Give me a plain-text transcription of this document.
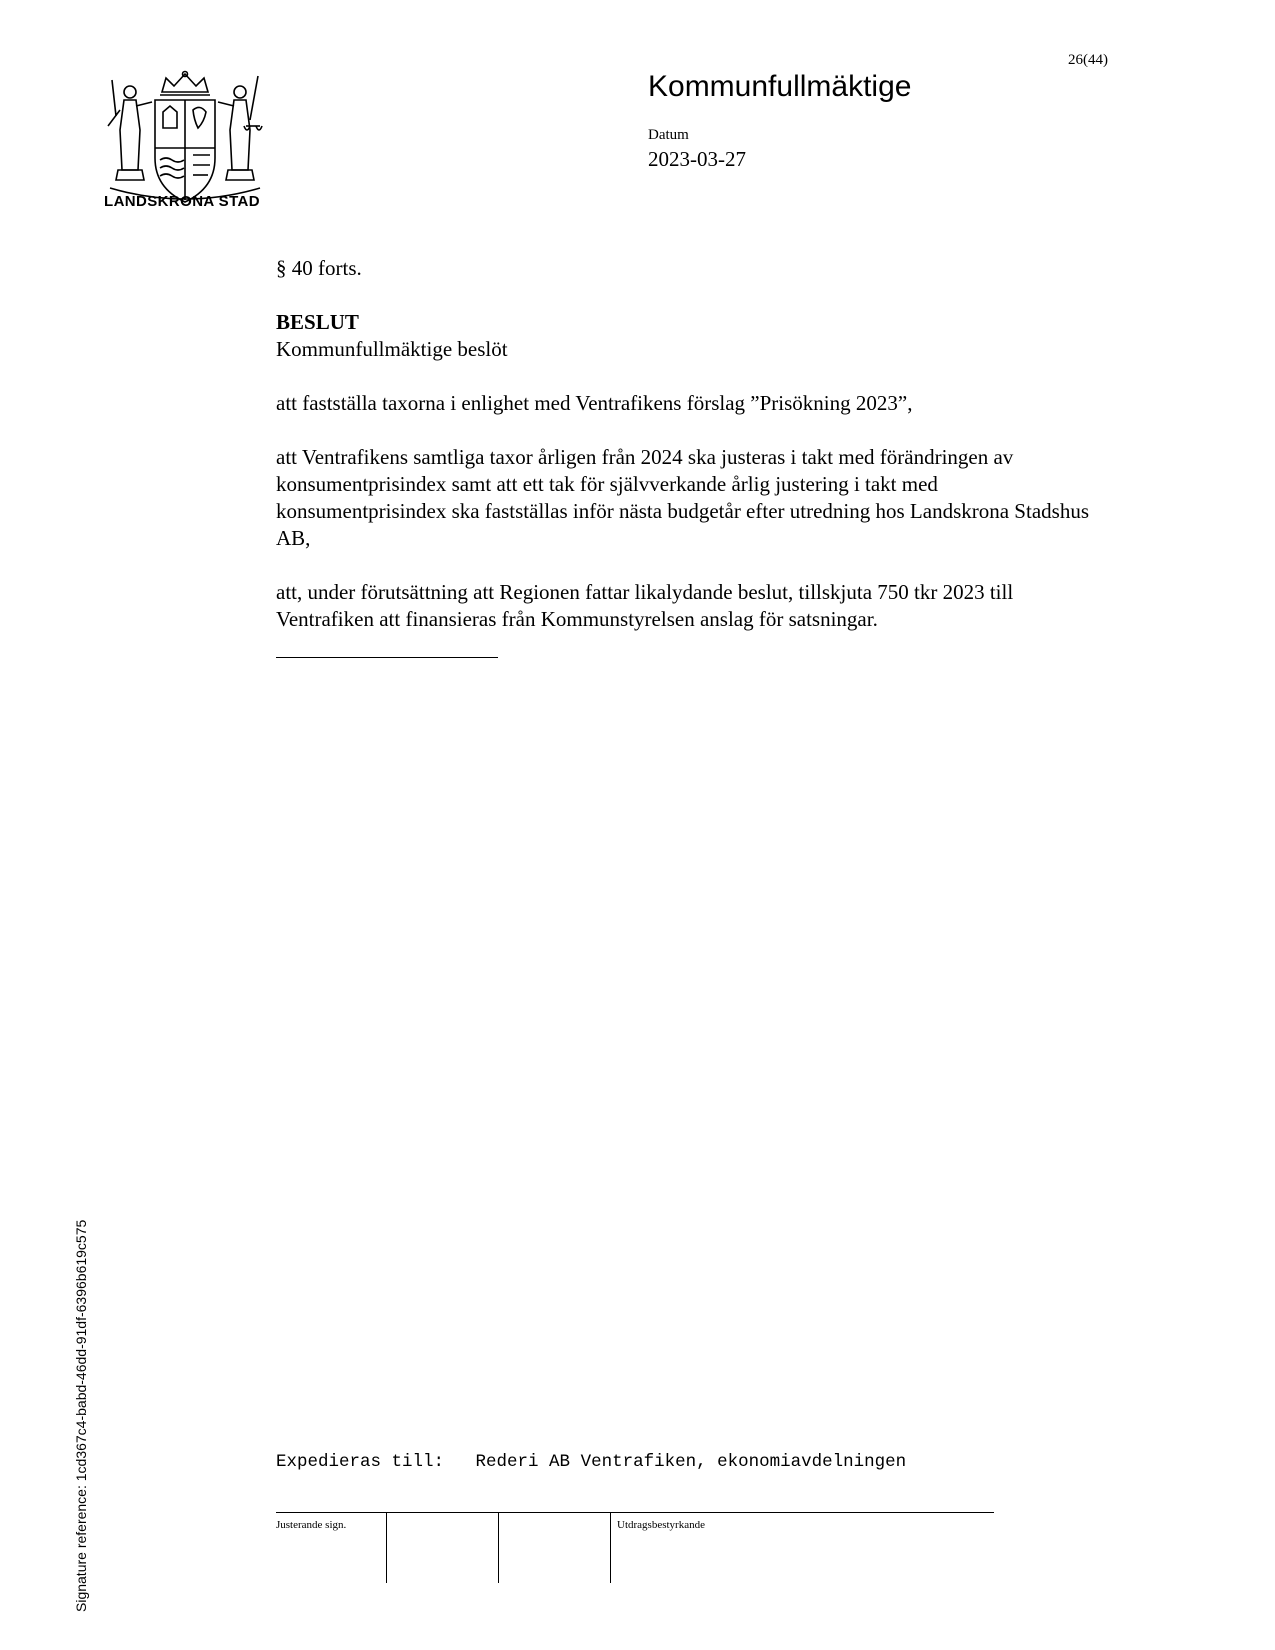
26(44)
LANDSKRONA STAD
Kommunfullmäktige
Datum
2023-03-27

§ 40 forts.

BESLUT

Kommunfullmäktige beslöt

att fastställa taxorna i enlighet med Ventrafikens förslag ”Prisökning 2023”,

att Ventrafikens samtliga taxor årligen från 2024 ska justeras i takt med förändringen av konsumentprisindex samt att ett tak för självverkande årlig justering i takt med konsumentprisindex ska fastställas inför nästa budgetår efter utredning hos Landskrona Stadshus AB,

att, under förutsättning att Regionen fattar likalydande beslut, tillskjuta 750 tkr 2023 till Ventrafiken att finansieras från Kommunstyrelsen anslag för satsningar.

Expedieras till: Rederi AB Ventrafiken, ekonomiavdelningen
Justerande sign.	Utdragsbestyrkande
Signature reference: 1cd367c4-babd-46dd-91df-6396b619c575
